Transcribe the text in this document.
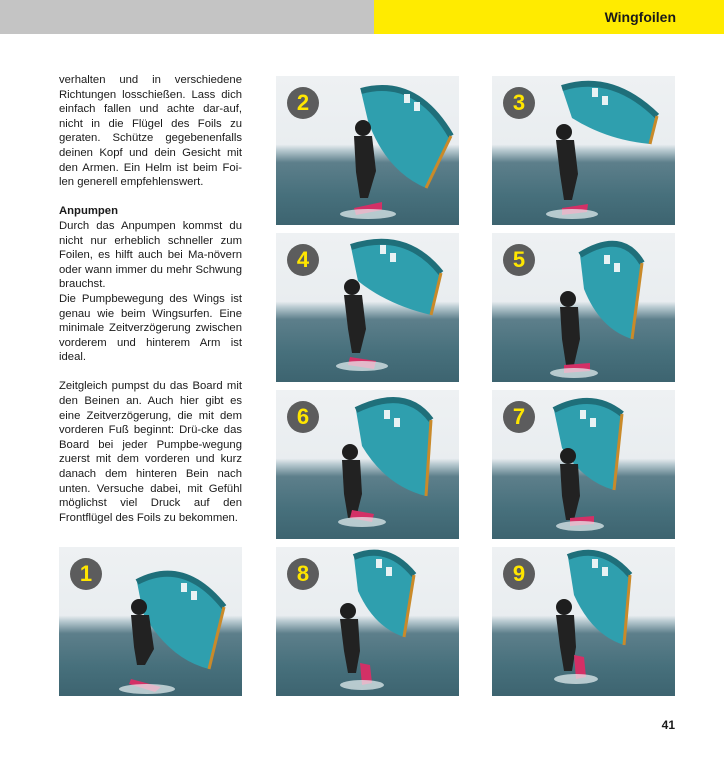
Wingfoilen

verhalten und in verschiedene Richtungen losschießen. Lass dich einfach fallen und achte dar-auf, nicht in die Flügel des Foils zu geraten. Schütze gegebenenfalls deinen Kopf und dein Gesicht mit den Armen. Ein Helm ist beim Foi-len generell empfehlenswert.

Anpumpen

Durch das Anpumpen kommst du nicht nur erheblich schneller zum Foilen, es hilft auch bei Ma-növern oder wann immer du mehr Schwung brauchst.

Die Pumpbewegung des Wings ist genau wie beim Wingsurfen. Eine minimale Zeitverzögerung zwischen vorderem und hinterem Arm ist ideal.

Zeitgleich pumpst du das Board mit den Beinen an. Auch hier gibt es eine Zeitverzögerung, die mit dem vorderen Fuß beginnt: Drü-cke das Board bei jeder Pumpbe-wegung zuerst mit dem vorderen und kurz danach dem hinteren Bein nach unten. Versuche dabei, mit Gefühl möglichst viel Druck auf den Frontflügel des Foils zu bekommen.

1
2	3
4	5
6	7
8	9
41
